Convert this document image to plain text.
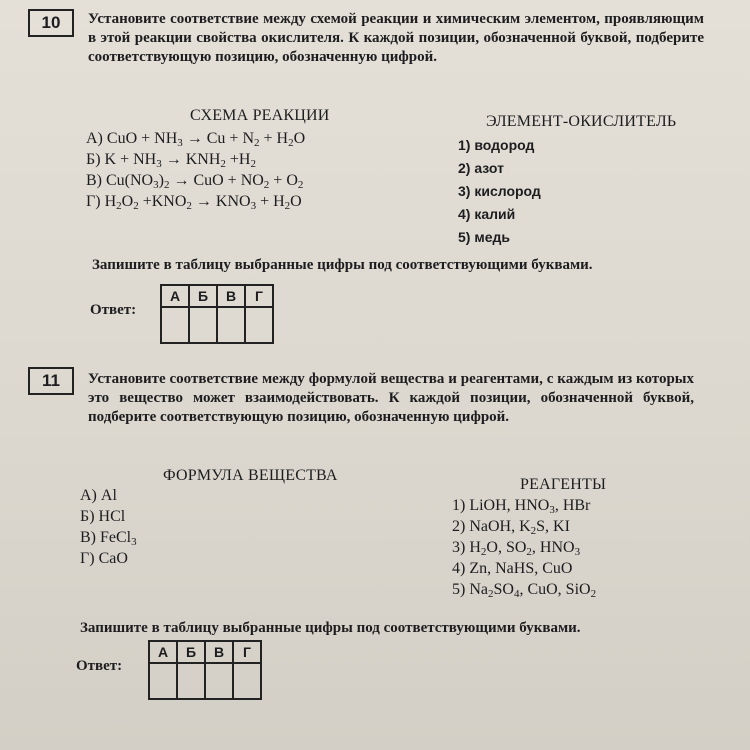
10	Установите соответствие между схемой реакции и химическим элементом, проявляющим в этой реакции свойства окислителя. К каждой позиции, обозначенной буквой, подберите соответствующую позицию, обозначенную цифрой.
СХЕМА РЕАКЦИИ	ЭЛЕМЕНТ-ОКИСЛИТЕЛЬ
А) CuO + $NH_3 \to Cu + N_2 + H_2O$
Б) $K + NH_3 \to KNH_2 +H_2$
В) $Cu(NO_3)_2$ → CuO + $NO_2 + O_2$
Г) $H_2O_2 +KNO_2 \to KNO_3 + H_2O$
1) водород
2) азот
3) кислород
4) калий
5) медь
Запишите в таблицу выбранные цифры под соответствующими буквами.
Ответ:
А	Б	В	Г

11	Установите соответствие между формулой вещества и реагентами, с каждым из которых это вещество может взаимодействовать. К каждой позиции, обозначенной буквой, подберите соответствующую позицию, обозначенную цифрой.
ФОРМУЛА ВЕЩЕСТВА
РЕАГЕНТЫ
А) Al
Б) HCl
В) FeCl$_3$
Г) CaO
1) LiOH, $HNO_3$, HBr
2) NaOH, $K_2S$, KI
3) $H_2O$, $SO_2$, $HNO_3$
4) Zn, NaHS, CuO
5) $Na_2SO_4$, CuO, SiO$_2$
Запишите в таблицу выбранные цифры под соответствующими буквами.
Ответ:
А	Б	В	Г
